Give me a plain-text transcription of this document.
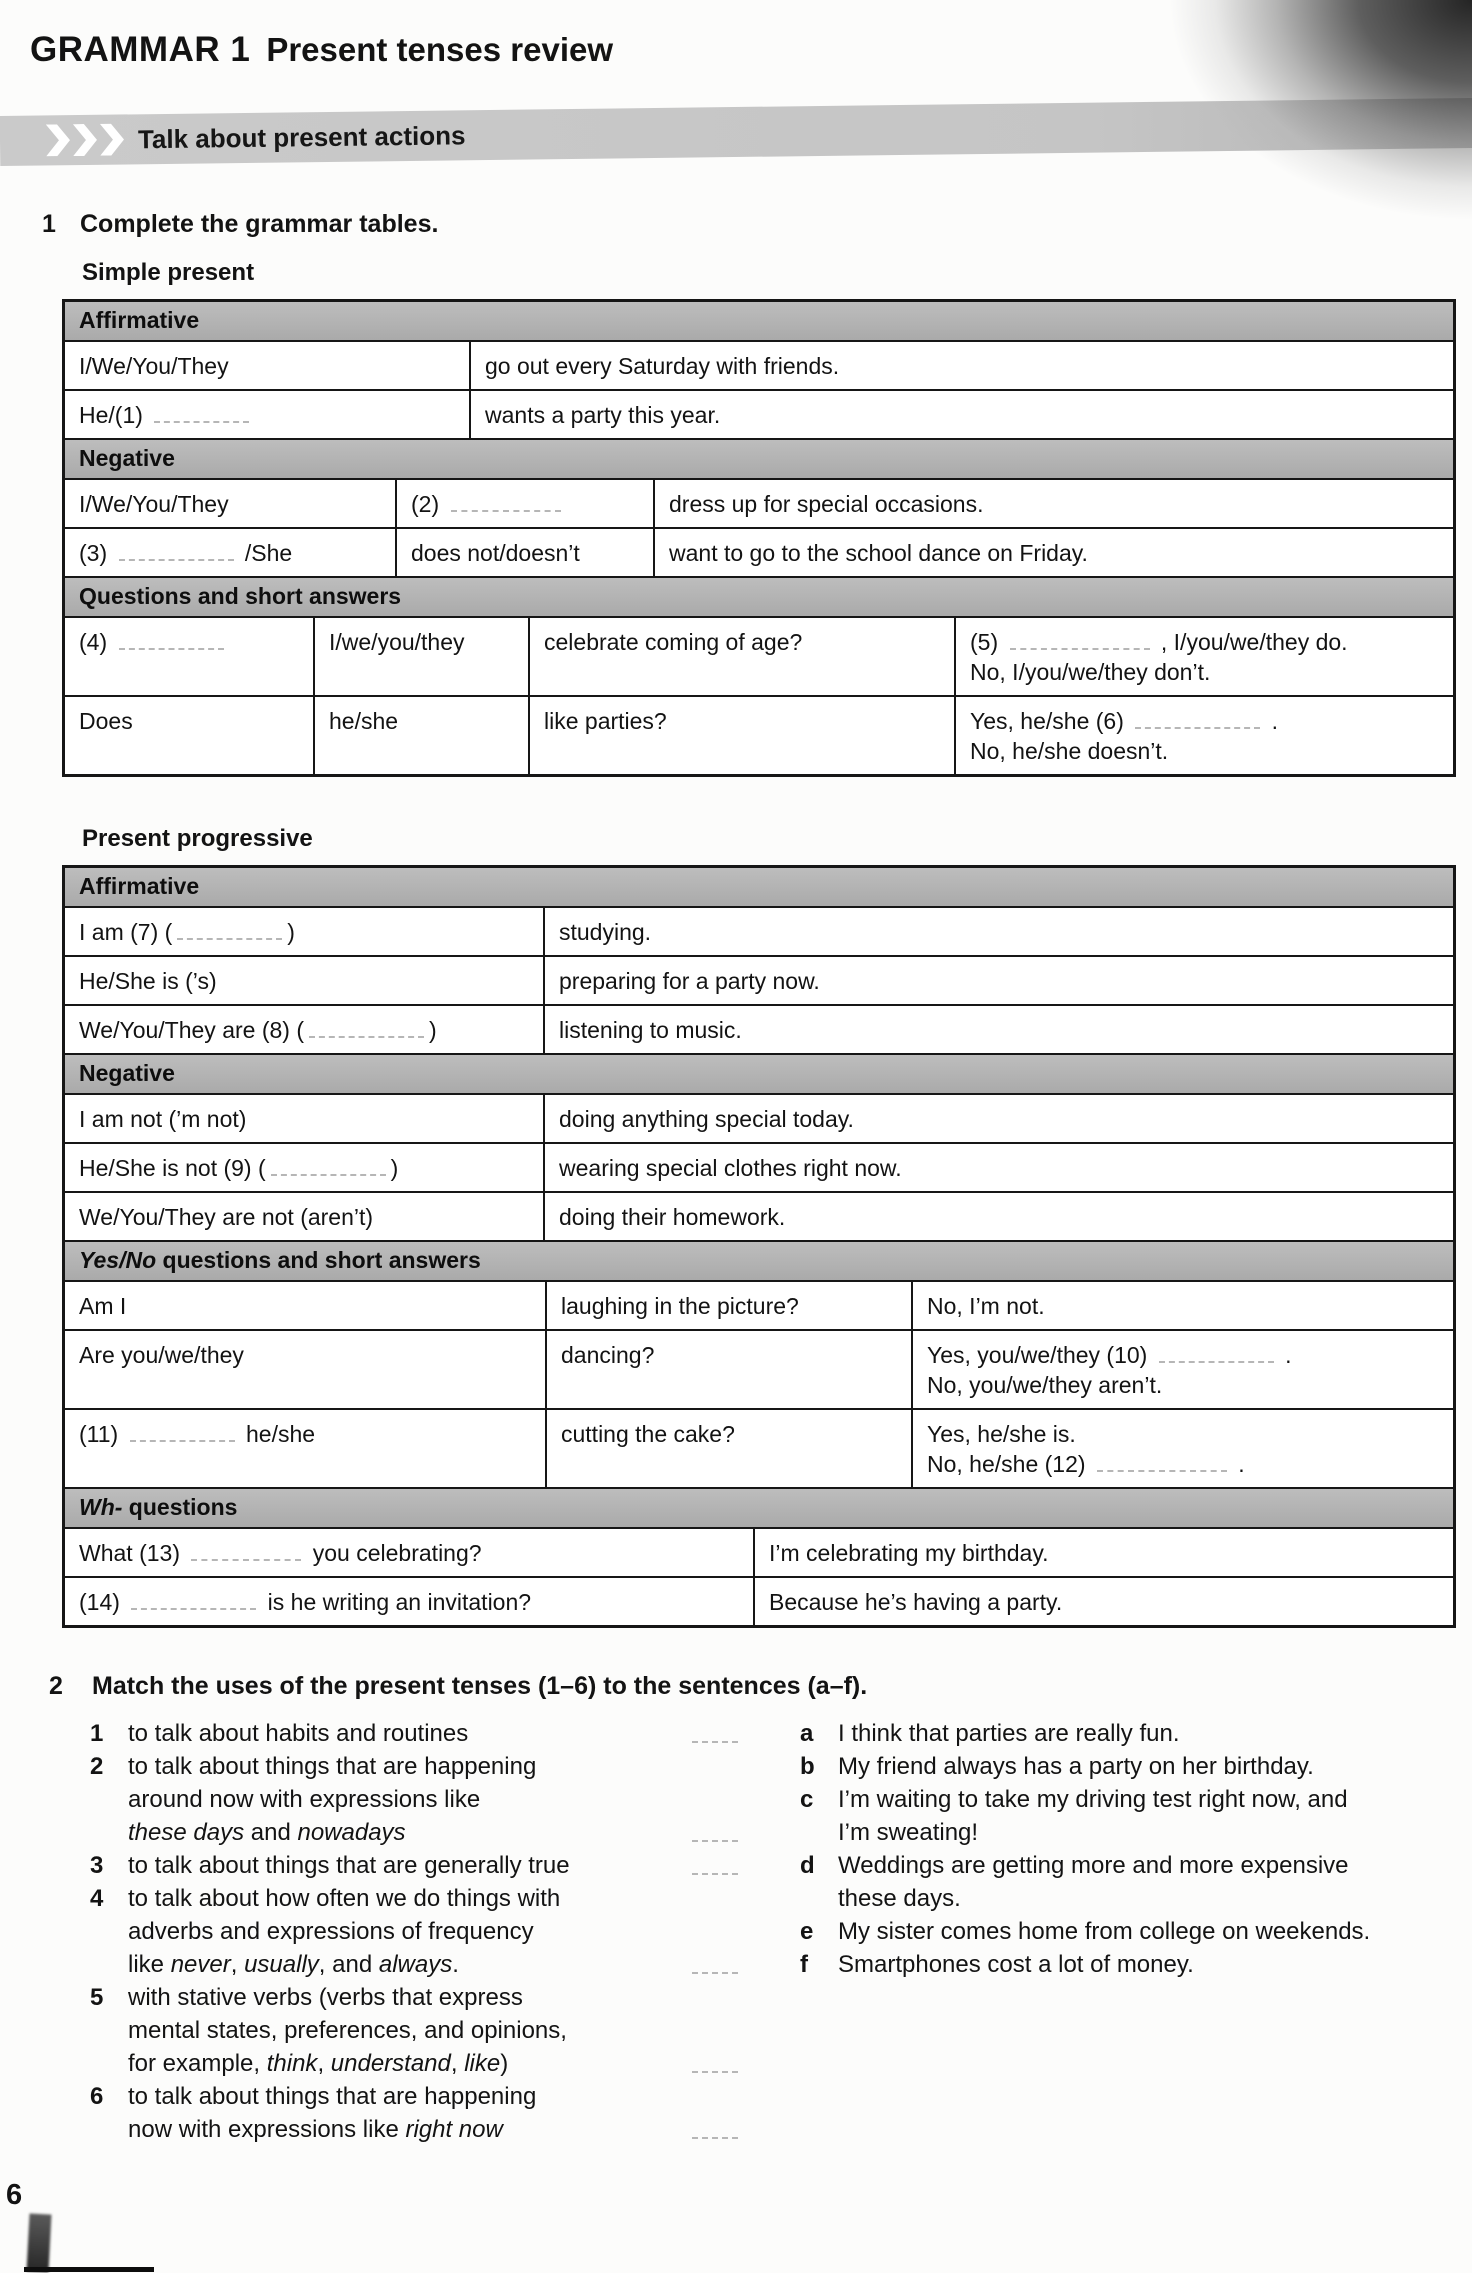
GRAMMAR 1 Present tenses review
Talk about present actions
1 Complete the grammar tables.
Simple present
Affirmative
I/We/You/They	go out every Saturday with friends.
He/(1)	wants a party this year.
Negative
I/We/You/They	(2)	dress up for special occasions.
(3)	/She	does not/doesn’t	want to go to the school dance on Friday.
Questions and short answers
(4)	I/we/you/they	celebrate coming of age?	(5)	, I/you/we/they do.
No, I/you/we/they don’t.
Does	he/she	like parties?	Yes, he/she (6)	.
No, he/she doesn’t.
Present progressive
Affirmative
I am (7) (	)	studying.
He/She is (’s)	preparing for a party now.
We/You/They are (8) (	)	listening to music.
Negative
I am not (’m not)	doing anything special today.
He/She is not (9) (	)	wearing special clothes right now.
We/You/They are not (aren’t)	doing their homework.
Yes/No questions and short answers
Am I	laughing in the picture?	No, I’m not.
Are you/we/they	dancing?	Yes, you/we/they (10)	.
No, you/we/they aren’t.
(11)	he/she	cutting the cake?	Yes, he/she is.
No, he/she (12)	.
Wh- questions
What (13)	you celebrating?	I’m celebrating my birthday.
(14)	is he writing an invitation?	Because he’s having a party.
2	Match the uses of the present tenses (1–6) to the sentences (a–f).
1	to talk about habits and routines
2	to talk about things that are happening
around now with expressions like
these days and nowadays
3	to talk about things that are generally true
4	to talk about how often we do things with
adverbs and expressions of frequency
like never, usually, and always.
5	with stative verbs (verbs that express
mental states, preferences, and opinions,
for example, think, understand, like)
6	to talk about things that are happening
now with expressions like right now
a	I think that parties are really fun.
b My friend always has a party on her birthday.
c	I’m waiting to take my driving test right now, and
I’m sweating!
d Weddings are getting more and more expensive
these days.
e	My sister comes home from college on weekends.
f	Smartphones cost a lot of money.
6
